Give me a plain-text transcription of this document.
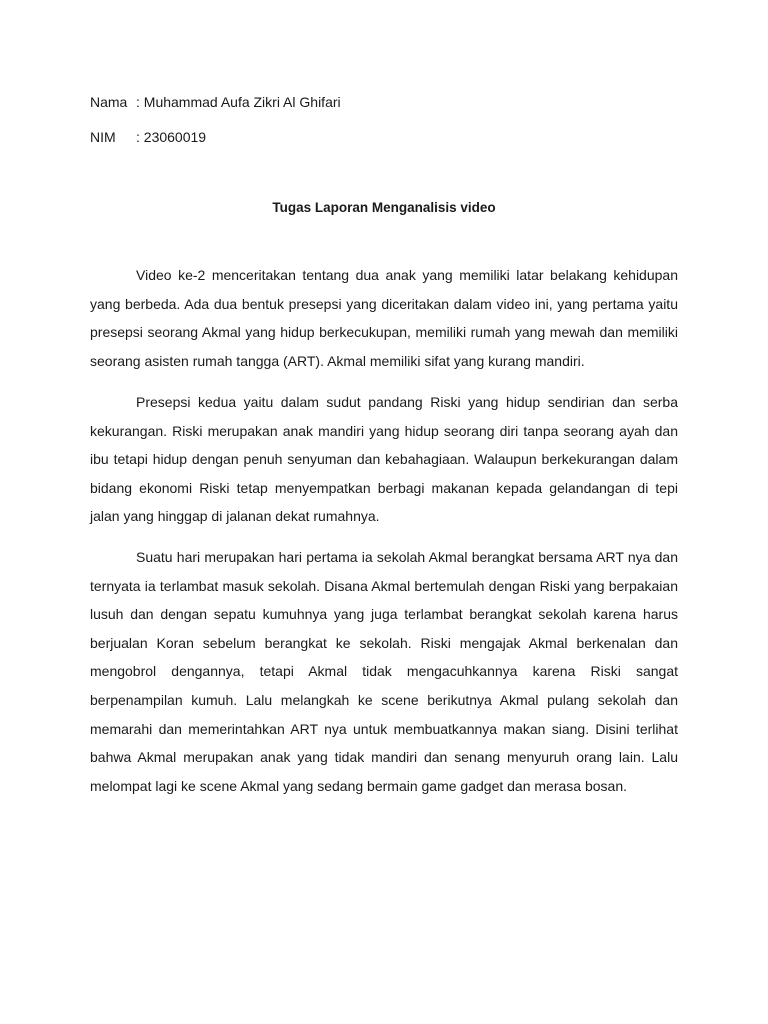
Nama : Muhammad Aufa Zikri Al Ghifari
NIM : 23060019
Tugas Laporan Menganalisis video

Video ke-2 menceritakan tentang dua anak yang memiliki latar belakang kehidupan yang berbeda. Ada dua bentuk presepsi yang diceritakan dalam video ini, yang pertama yaitu presepsi seorang Akmal yang hidup berkecukupan, memiliki rumah yang mewah dan memiliki seorang asisten rumah tangga (ART). Akmal memiliki sifat yang kurang mandiri.

Presepsi kedua yaitu dalam sudut pandang Riski yang hidup sendirian dan serba kekurangan. Riski merupakan anak mandiri yang hidup seorang diri tanpa seorang ayah dan ibu tetapi hidup dengan penuh senyuman dan kebahagiaan. Walaupun berkekurangan dalam bidang ekonomi Riski tetap menyempatkan berbagi makanan kepada gelandangan di tepi jalan yang hinggap di jalanan dekat rumahnya.

Suatu hari merupakan hari pertama ia sekolah Akmal berangkat bersama ART nya dan ternyata ia terlambat masuk sekolah. Disana Akmal bertemulah dengan Riski yang berpakaian lusuh dan dengan sepatu kumuhnya yang juga terlambat berangkat sekolah karena harus berjualan Koran sebelum berangkat ke sekolah. Riski mengajak Akmal berkenalan dan mengobrol dengannya, tetapi Akmal tidak mengacuhkannya karena Riski sangat berpenampilan kumuh. Lalu melangkah ke scene berikutnya Akmal pulang sekolah dan memarahi dan memerintahkan ART nya untuk membuatkannya makan siang. Disini terlihat bahwa Akmal merupakan anak yang tidak mandiri dan senang menyuruh orang lain. Lalu melompat lagi ke scene Akmal yang sedang bermain game gadget dan merasa bosan.
